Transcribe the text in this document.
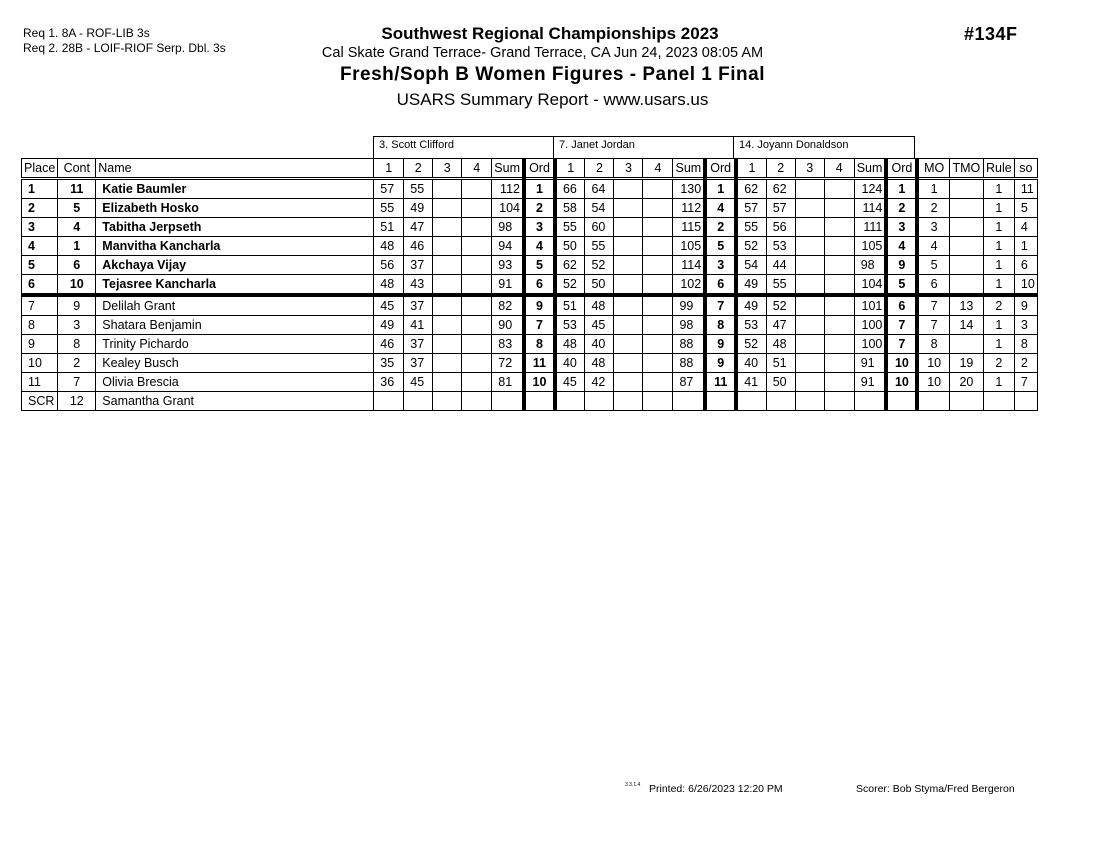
Req 1. 8A - ROF-LIB 3s
Req 2. 28B - LOIF-RIOF Serp. Dbl. 3s
Southwest Regional Championships 2023
Cal Skate Grand Terrace- Grand Terrace, CA Jun 24, 2023 08:05 AM
Fresh/Soph B Women Figures - Panel 1 Final
USARS Summary Report - www.usars.us
#134F
3. Scott Clifford	7. Janet Jordan	14. Joyann Donaldson
Place	Cont	Name	1	2	3	4	Sum	Ord	1	2	3	4	Sum	Ord	1	2	3	4	Sum	Ord	MO	TMO	Rule	so
1	11	Katie Baumler	57	55			112	1	66	64			130	1	62	62			124	1	1		1	11
2	5	Elizabeth Hosko	55	49			104	2	58	54			112	4	57	57			114	2	2		1	5
3	4	Tabitha Jerpseth	51	47			98	3	55	60			115	2	55	56			111	3	3		1	4
4	1	Manvitha Kancharla	48	46			94	4	50	55			105	5	52	53			105	4	4		1	1
5	6	Akchaya Vijay	56	37			93	5	62	52			114	3	54	44			98	9	5		1	6
6	10	Tejasree Kancharla	48	43			91	6	52	50			102	6	49	55			104	5	6		1	10
7	9	Delilah Grant	45	37			82	9	51	48			99	7	49	52			101	6	7	13	2	9
8	3	Shatara Benjamin	49	41			90	7	53	45			98	8	53	47			100	7	7	14	1	3
9	8	Trinity Pichardo	46	37			83	8	48	40			88	9	52	48			100	7	8		1	8
10	2	Kealey Busch	35	37			72	11	40	48			88	9	40	51			91	10	10	19	2	2
11	7	Olivia Brescia	36	45			81	10	45	42			87	11	41	50			91	10	10	20	1	7
SCR	12	Samantha Grant																						
3.3.1.4 Printed: 6/26/2023 12:20 PM	Scorer: Bob Styma/Fred Bergeron
